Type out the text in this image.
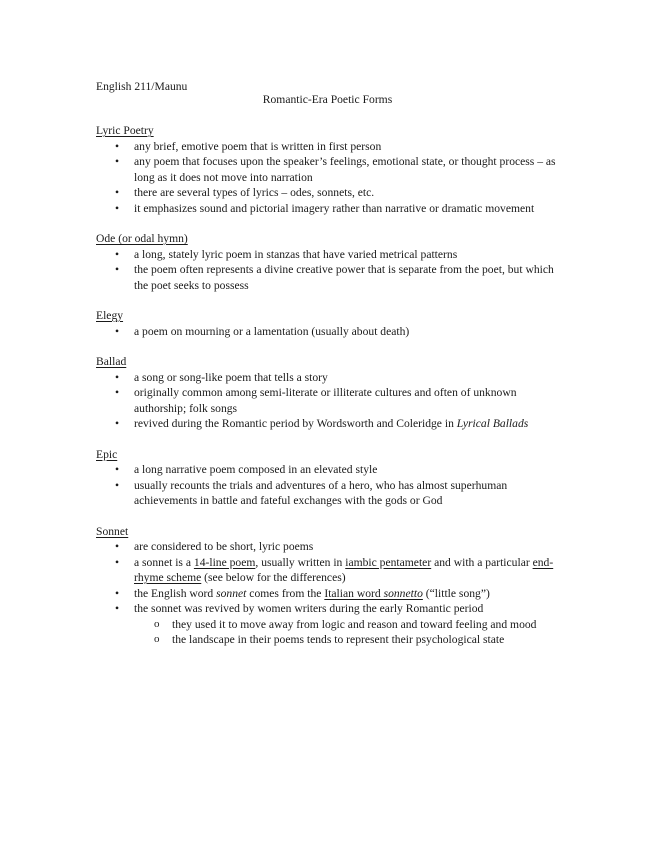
English 211/Maunu
Romantic-Era Poetic Forms
Lyric Poetry
• any brief, emotive poem that is written in first person
• any poem that focuses upon the speaker’s feelings, emotional state, or thought process – as long as it does not move into narration
• there are several types of lyrics – odes, sonnets, etc.
• it emphasizes sound and pictorial imagery rather than narrative or dramatic movement
Ode (or odal hymn)
• a long, stately lyric poem in stanzas that have varied metrical patterns
• the poem often represents a divine creative power that is separate from the poet, but which the poet seeks to possess
Elegy
• a poem on mourning or a lamentation (usually about death)
Ballad
• a song or song-like poem that tells a story
• originally common among semi-literate or illiterate cultures and often of unknown authorship; folk songs
• revived during the Romantic period by Wordsworth and Coleridge in Lyrical Ballads
Epic
• a long narrative poem composed in an elevated style
• usually recounts the trials and adventures of a hero, who has almost superhuman achievements in battle and fateful exchanges with the gods or God
Sonnet
• are considered to be short, lyric poems
• a sonnet is a 14-line poem, usually written in iambic pentameter and with a particular end-rhyme scheme (see below for the differences)
• the English word sonnet comes from the Italian word sonnetto (“little song”)
• the sonnet was revived by women writers during the early Romantic period
o they used it to move away from logic and reason and toward feeling and mood
o the landscape in their poems tends to represent their psychological state
